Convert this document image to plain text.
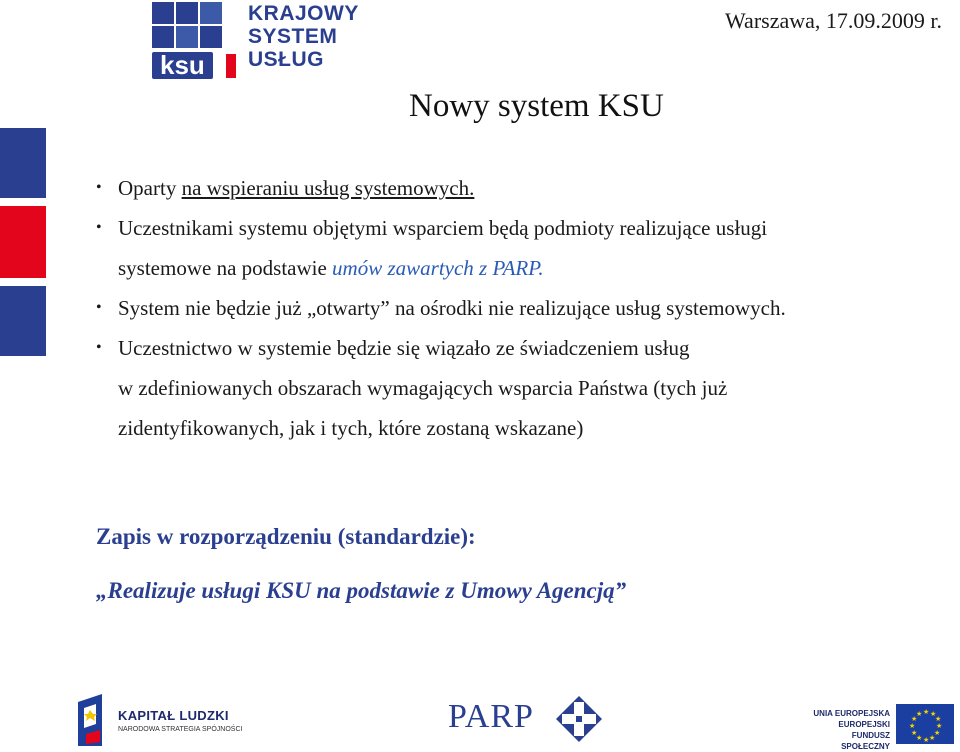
ksu
KRAJOWY
SYSTEM
USŁUG
Warszawa, 17.09.2009 r.
Nowy system KSU
• Oparty na wspieraniu usług systemowych.
• Uczestnikami systemu objętymi wsparciem będą podmioty realizujące usługi
systemowe na podstawie umów zawartych z PARP.
• System nie będzie już „otwarty” na ośrodki nie realizujące usług systemowych.
• Uczestnictwo w systemie będzie się wiązało ze świadczeniem usług
w zdefiniowanych obszarach wymagających wsparcia Państwa (tych już
zidentyfikowanych, jak i tych, które zostaną wskazane)
Zapis w rozporządzeniu (standardzie):
„Realizuje usługi KSU na podstawie z Umowy Agencją”
KAPITAŁ LUDZKI
NARODOWA STRATEGIA SPÓJNOŚCI	PARP	UNIA EUROPEJSKA
EUROPEJSKI
FUNDUSZ SPOŁECZNY
★ ★
★
★
★
★
★
★
★
★
★
★
